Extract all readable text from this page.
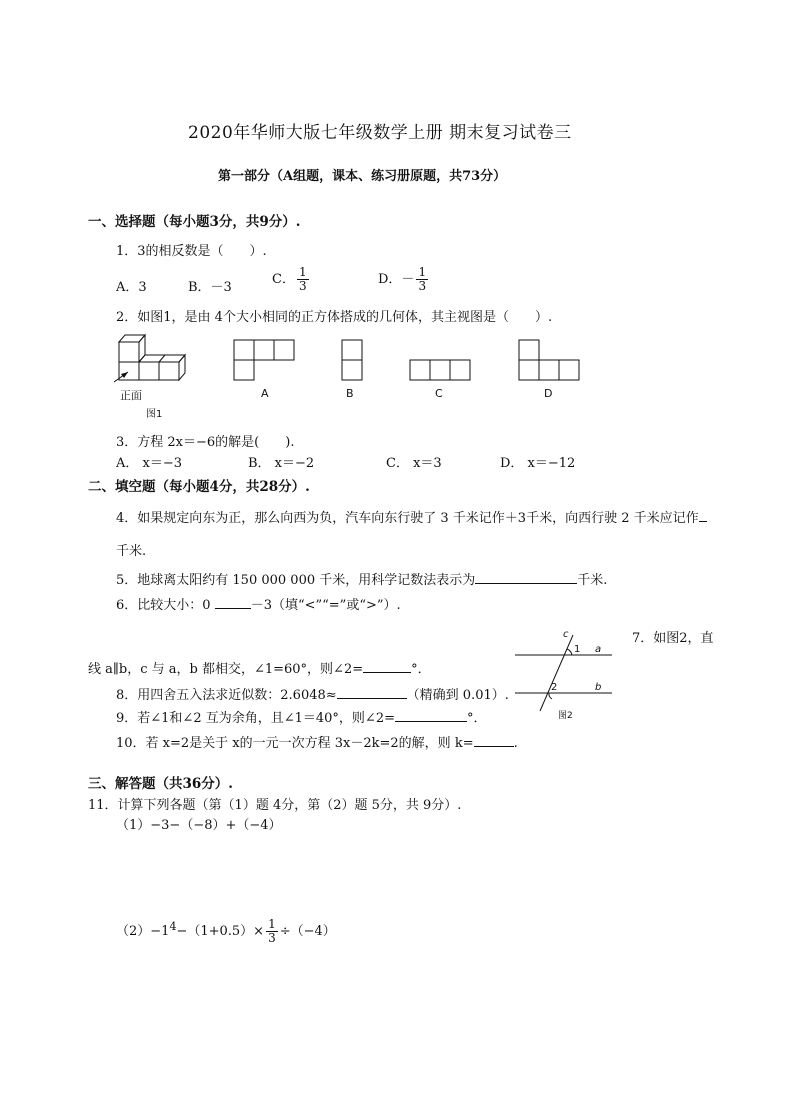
2020年华师大版七年级数学上册 期末复习试卷三
第一部分（A组题，课本、练习册原题，共73分）
一、选择题（每小题3分，共9分）.
1．3的相反数是（　　）.
A．3	B．－3
C． $\frac{1}{3}$	D．－ $\frac{1}{3}$
2．如图1，是由 4个大小相同的正方体搭成的几何体，其主视图是（　　）.
正面
图1
A	B	C	D
3．方程 2x＝−6的解是(　　).
A． x＝−3	B． x＝−2	C． x＝3	D． x＝−12
二、填空题（每小题4分，共28分）.
4．如果规定向东为正，那么向西为负，汽车向东行驶了 3 千米记作＋3千米，向西行驶 2 千米应记作
千米.
5．地球离太阳约有 150 000 000 千米，用科学记数法表示为	千米.
6．比较大小：0	－3（填“<”“=”或“>”）.
c
a
b
1
2
图2
7．如图2，直
线 a∥b，c 与 a，b 都相交，∠1=60°，则∠2=	°．
8．用四舍五入法求近似数：2.6048≈	（精确到 0.01）.
9．若∠1和∠2 互为余角，且∠1＝40°，则∠2=	°．
10．若 x=2是关于 x的一元一次方程 3x－2k=2的解，则 k=	.
三、解答题（共36分）.
11．计算下列各题（第（1）题 4分，第（2）题 5分，共 9分）.
（1）−3−（−8）+（−4）
$(2)-1^4-(1+0.5)\times \frac{1}{3} \div(-4)$
